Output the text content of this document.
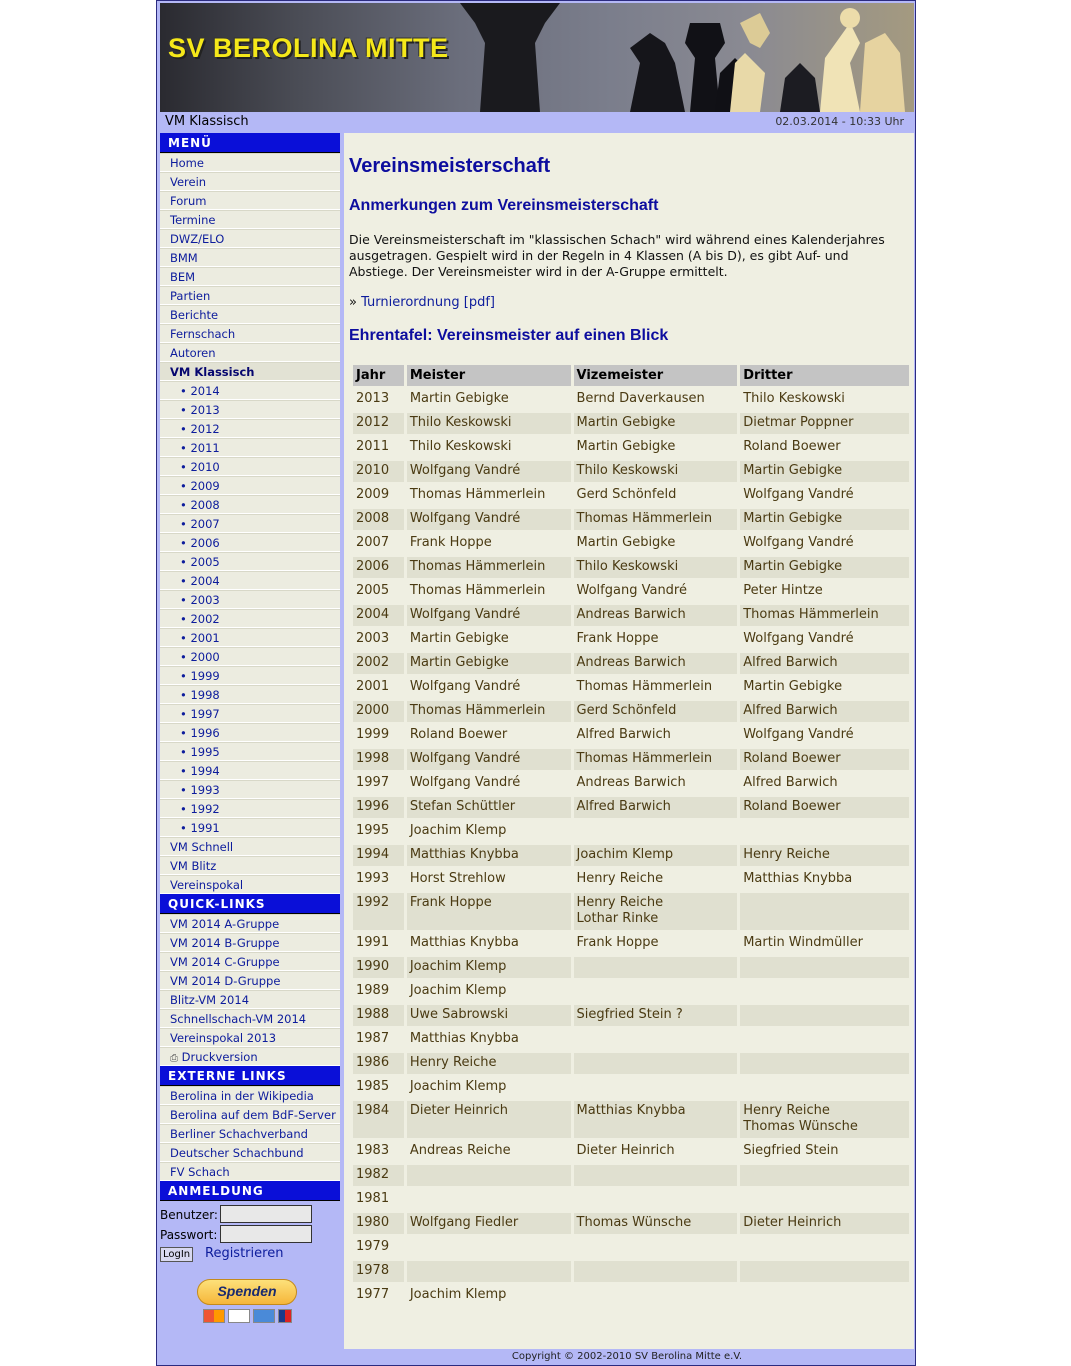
SV BEROLINA MITTE
VM Klassisch	02.03.2014 - 10:33 Uhr
MENÜ
Home
Verein
Forum
Termine
DWZ/ELO
BMM
BEM
Partien
Berichte
Fernschach
Autoren
VM Klassisch
• 2014
• 2013
• 2012
• 2011
• 2010
• 2009
• 2008
• 2007
• 2006
• 2005
• 2004
• 2003
• 2002
• 2001
• 2000
• 1999
• 1998
• 1997
• 1996
• 1995
• 1994
• 1993
• 1992
• 1991
VM Schnell
VM Blitz
Vereinspokal
QUICK-LINKS
VM 2014 A-Gruppe
VM 2014 B-Gruppe
VM 2014 C-Gruppe
VM 2014 D-Gruppe
Blitz-VM 2014
Schnellschach-VM 2014
Vereinspokal 2013
⎙ Druckversion
EXTERNE LINKS
Berolina in der Wikipedia
Berolina auf dem BdF-Server
Berliner Schachverband
Deutscher Schachbund
FV Schach
ANMELDUNG
Benutzer:
Passwort:
LogIn Registrieren
Spenden
Vereinsmeisterschaft
Anmerkungen zum Vereinsmeisterschaft
Die Vereinsmeisterschaft im "klassischen Schach" wird während eines Kalenderjahres ausgetragen. Gespielt wird in der Regeln in 4 Klassen (A bis D), es gibt Auf- und Abstiege. Der Vereinsmeister wird in der A-Gruppe ermittelt.
» Turnierordnung [pdf]
Ehrentafel: Vereinsmeister auf einen Blick
Jahr	Meister	Vizemeister	Dritter
2013	Martin Gebigke	Bernd Daverkausen	Thilo Keskowski
2012	Thilo Keskowski	Martin Gebigke	Dietmar Poppner
2011	Thilo Keskowski	Martin Gebigke	Roland Boewer
2010	Wolfgang Vandré	Thilo Keskowski	Martin Gebigke
2009	Thomas Hämmerlein	Gerd Schönfeld	Wolfgang Vandré
2008	Wolfgang Vandré	Thomas Hämmerlein	Martin Gebigke
2007	Frank Hoppe	Martin Gebigke	Wolfgang Vandré
2006	Thomas Hämmerlein	Thilo Keskowski	Martin Gebigke
2005	Thomas Hämmerlein	Wolfgang Vandré	Peter Hintze
2004	Wolfgang Vandré	Andreas Barwich	Thomas Hämmerlein
2003	Martin Gebigke	Frank Hoppe	Wolfgang Vandré
2002	Martin Gebigke	Andreas Barwich	Alfred Barwich
2001	Wolfgang Vandré	Thomas Hämmerlein	Martin Gebigke
2000	Thomas Hämmerlein	Gerd Schönfeld	Alfred Barwich
1999	Roland Boewer	Alfred Barwich	Wolfgang Vandré
1998	Wolfgang Vandré	Thomas Hämmerlein	Roland Boewer
1997	Wolfgang Vandré	Andreas Barwich	Alfred Barwich
1996	Stefan Schüttler	Alfred Barwich	Roland Boewer
1995	Joachim Klemp		
1994	Matthias Knybba	Joachim Klemp	Henry Reiche
1993	Horst Strehlow	Henry Reiche	Matthias Knybba
1992	Frank Hoppe	Henry Reiche
Lothar Rinke	
1991	Matthias Knybba	Frank Hoppe	Martin Windmüller
1990	Joachim Klemp		
1989	Joachim Klemp		
1988	Uwe Sabrowski	Siegfried Stein ?	
1987	Matthias Knybba		
1986	Henry Reiche		
1985	Joachim Klemp		
1984	Dieter Heinrich	Matthias Knybba	Henry Reiche
Thomas Wünsche
1983	Andreas Reiche	Dieter Heinrich	Siegfried Stein
1982			
1981			
1980	Wolfgang Fiedler	Thomas Wünsche	Dieter Heinrich
1979			
1978			
1977	Joachim Klemp		
Copyright © 2002-2010 SV Berolina Mitte e.V.
